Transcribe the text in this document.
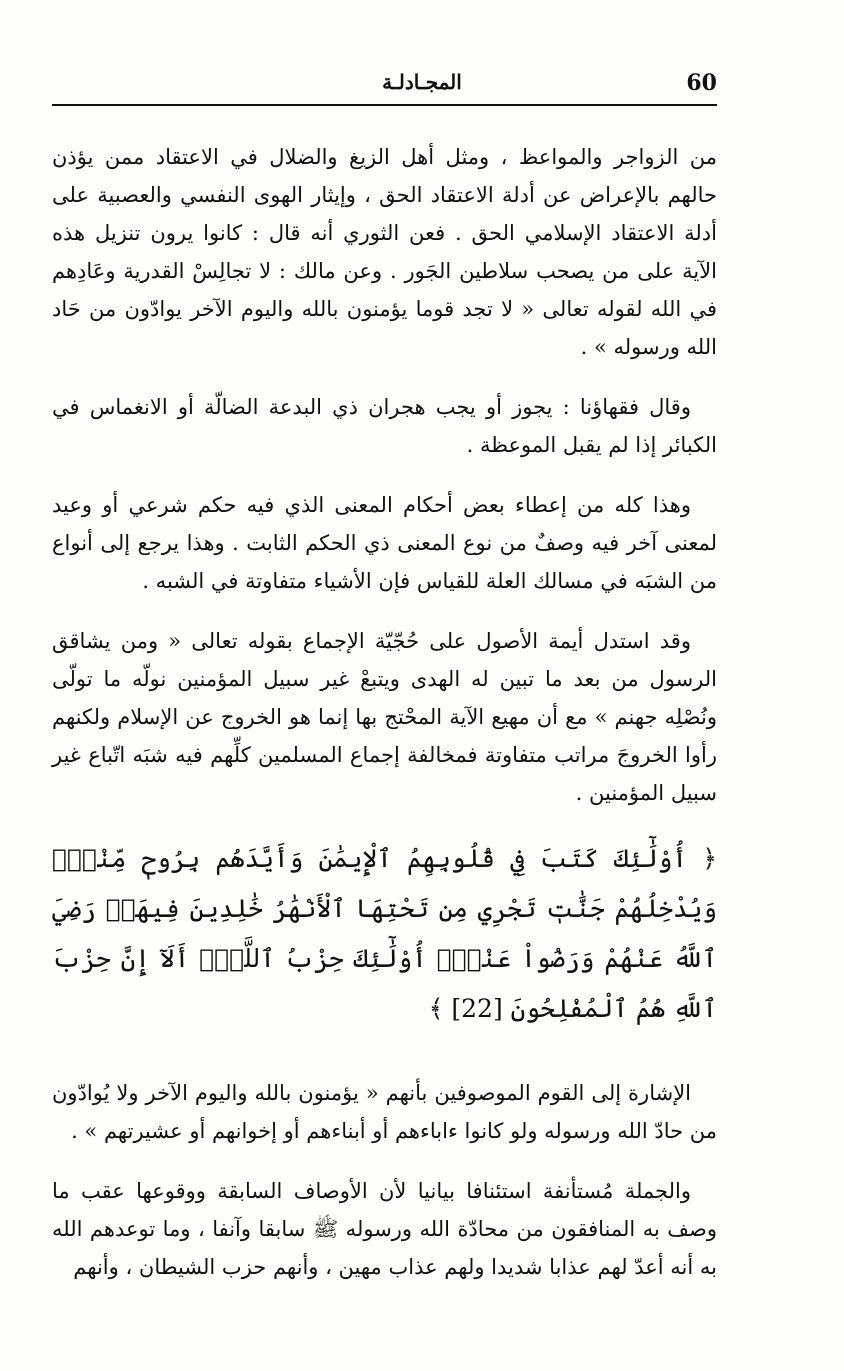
60
المجـادلـة

من الزواجر والمواعظ ، ومثل أهل الزيغ والضلال في الاعتقاد ممن يؤذن حالهم بالإعراض عن أدلة الاعتقاد الحق ، وإيثار الهوى النفسي والعصبية على أدلة الاعتقاد الإسلامي الحق . فعن الثوري أنه قال : كانوا يرون تنزيل هذه الآية على من يصحب سلاطين الجَور . وعن مالك : لا تجالِسْ القدرية وعَادِهم في الله لقوله تعالى « لا تجد قوما يؤمنون بالله واليوم الآخر يوادّون من حَاد الله ورسوله » .

وقال فقهاؤنا : يجوز أو يجب هجران ذي البدعة الضالّة أو الانغماس في الكبائر إذا لم يقبل الموعظة .

وهذا كله من إعطاء بعض أحكام المعنى الذي فيه حكم شرعي أو وعيد لمعنى آخر فيه وصفٌ من نوع المعنى ذي الحكم الثابت . وهذا يرجع إلى أنواع من الشبَه في مسالك العلة للقياس فإن الأشياء متفاوتة في الشبه .

وقد استدل أيمة الأصول على حُجّيّة الإجماع بقوله تعالى « ومن يشاقق الرسول من بعد ما تبين له الهدى ويتبعْ غير سبيل المؤمنين نولّه ما تولّى ونُصْلِه جهنم » مع أن مهيع الآية المحْتج بها إنما هو الخروج عن الإسلام ولكنهم رأوا الخروجَ مراتب متفاوتة فمخالفة إجماع المسلمين كلِّهم فيه شبَه اتّباع غير سبيل المؤمنين .

﴿ أُوْلَٰٓئِكَ كَتَبَ فِي قُلُوبِهِمُ ٱلْإِيمَٰنَ وَأَيَّدَهُم بِرُوحٖ مِّنْهُۖ وَيُدْخِلُهُمْ جَنَّٰتٖ تَجْرِي مِن تَحْتِهَا ٱلْأَنْهَٰرُ خَٰلِدِينَ فِيهَاۚ رَضِيَ ٱللَّهُ عَنْهُمْ وَرَضُواْ عَنْهُۚ أُوْلَٰٓئِكَ حِزْبُ ٱللَّهِۚ أَلَآ إِنَّ حِزْبَ ٱللَّهِ هُمُ ٱلْمُفْلِحُونَ [22] ﴾

الإشارة إلى القوم الموصوفين بأنهم « يؤمنون بالله واليوم الآخر ولا يُوادّون من حادّ الله ورسوله ولو كانوا ءاباءهم أو أبناءهم أو إخوانهم أو عشيرتهم » .

والجملة مُستأنفة استئنافا بيانيا لأن الأوصاف السابقة ووقوعها عقب ما وصف به المنافقون من محادّة الله ورسوله ﷺ سابقا وآنفا ، وما توعدهم الله به أنه أعدّ لهم عذابا شديدا ولهم عذاب مهين ، وأنهم حزب الشيطان ، وأنهم
